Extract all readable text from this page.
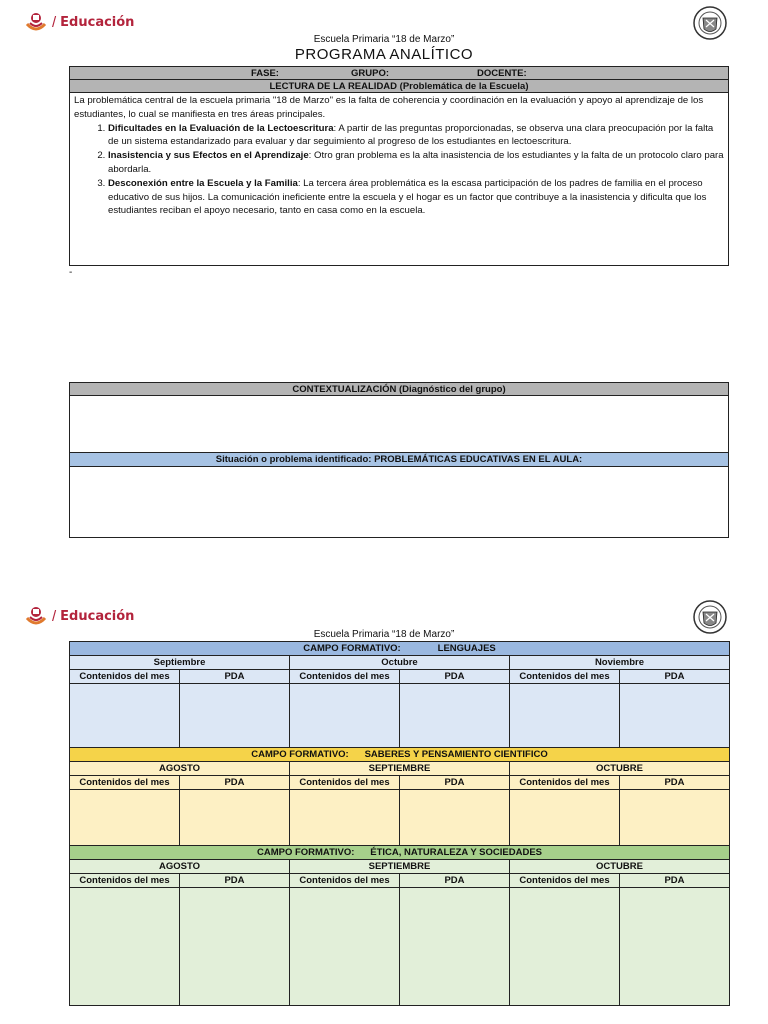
/ Educación
Escuela Primaria “18 de Marzo”
PROGRAMA ANALÍTICO
FASE:	GRUPO:	DOCENTE:

LECTURA DE LA REALIDAD (Problemática de la Escuela)

La problemática central de la escuela primaria "18 de Marzo" es la falta de coherencia y coordinación en la evaluación y apoyo al aprendizaje de los estudiantes, lo cual se manifiesta en tres áreas principales.
1. Dificultades en la Evaluación de la Lectoescritura: A partir de las preguntas proporcionadas, se observa una clara preocupación por la falta de un sistema estandarizado para evaluar y dar seguimiento al progreso de los estudiantes en lectoescritura.
2. Inasistencia y sus Efectos en el Aprendizaje: Otro gran problema es la alta inasistencia de los estudiantes y la falta de un protocolo claro para abordarla.
3. Desconexión entre la Escuela y la Familia: La tercera área problemática es la escasa participación de los padres de familia en el proceso educativo de sus hijos. La comunicación ineficiente entre la escuela y el hogar es un factor que contribuye a la inasistencia y dificulta que los estudiantes reciban el apoyo necesario, tanto en casa como en la escuela.
-
CONTEXTUALIZACIÓN (Diagnóstico del grupo)

Situación o problema identificado: PROBLEMÁTICAS EDUCATIVAS EN EL AULA:

/ Educación
Escuela Primaria “18 de Marzo”
CAMPO FORMATIVO: LENGUAJES					
Septiembre		Octubre		Noviembre	
Contenidos del mes	PDA	Contenidos del mes	PDA	Contenidos del mes	PDA

CAMPO FORMATIVO: SABERES Y PENSAMIENTO CIENTIFICO					
AGOSTO		SEPTIEMBRE		OCTUBRE	
Contenidos del mes	PDA	Contenidos del mes	PDA	Contenidos del mes	PDA

CAMPO FORMATIVO: ÉTICA, NATURALEZA Y SOCIEDADES					
AGOSTO		SEPTIEMBRE		OCTUBRE	
Contenidos del mes	PDA	Contenidos del mes	PDA	Contenidos del mes	PDA
